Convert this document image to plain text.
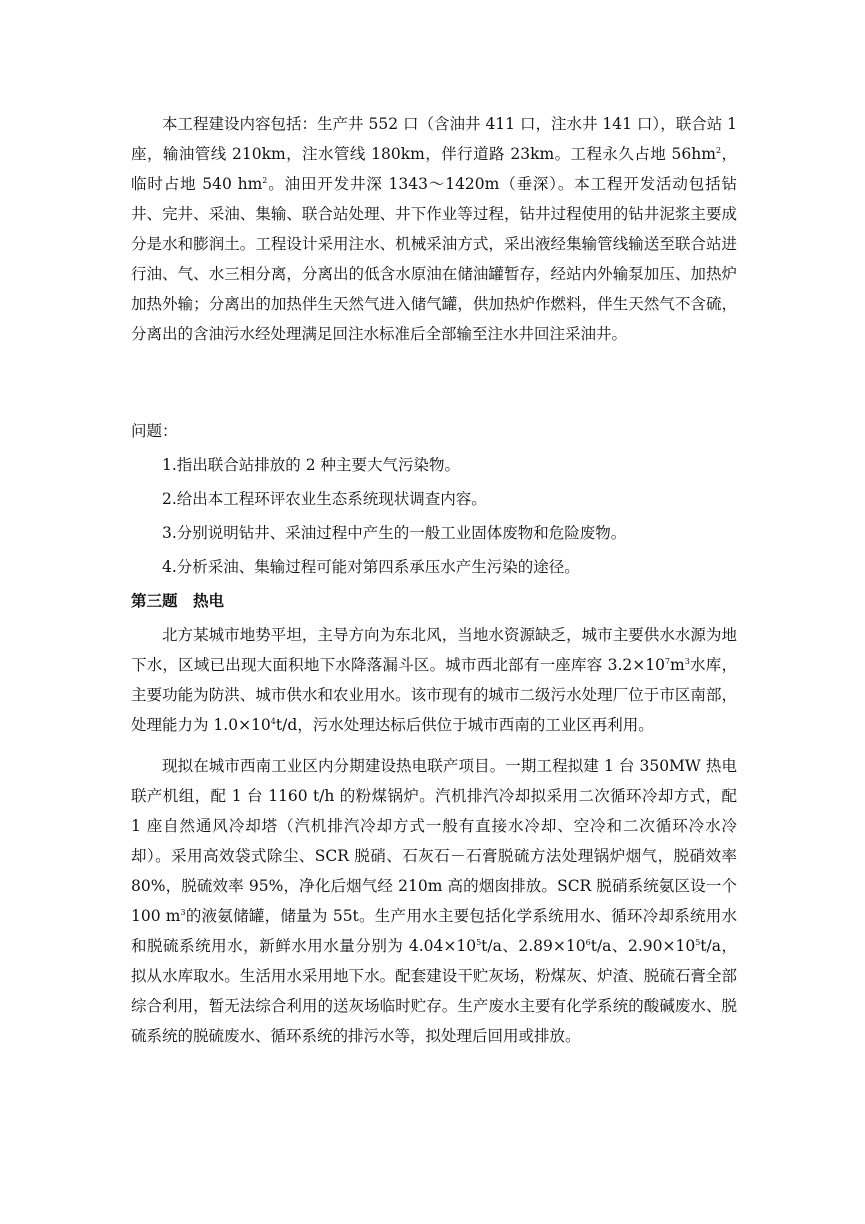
本工程建设内容包括：生产井 552 口（含油井 411 口，注水井 141 口），联合站 1 座，输油管线 210km，注水管线 180km，伴行道路 23km。工程永久占地 $56hm^2$，临时占地 540 $hm^2$。油田开发井深 1343～1420m（垂深）。本工程开发活动包括钻井、完井、采油、集输、联合站处理、井下作业等过程，钻井过程使用的钻井泥浆主要成分是水和膨润土。工程设计采用注水、机械采油方式，采出液经集输管线输送至联合站进行油、气、水三相分离，分离出的低含水原油在储油罐暂存，经站内外输泵加压、加热炉加热外输；分离出的加热伴生天然气进入储气罐，供加热炉作燃料，伴生天然气不含硫，分离出的含油污水经处理满足回注水标准后全部输至注水井回注采油井。

问题：

1.指出联合站排放的 2 种主要大气污染物。

2.给出本工程环评农业生态系统现状调查内容。

3.分别说明钻井、采油过程中产生的一般工业固体废物和危险废物。

4.分析采油、集输过程可能对第四系承压水产生污染的途径。

第三题　热电

北方某城市地势平坦，主导方向为东北风，当地水资源缺乏，城市主要供水水源为地下水，区域已出现大面积地下水降落漏斗区。城市西北部有一座库容 $3.2\times 10^7m^3$水库，主要功能为防洪、城市供水和农业用水。该市现有的城市二级污水处理厂位于市区南部，处理能力为 $1.0\times 10^4t/d$，污水处理达标后供位于城市西南的工业区再利用。

现拟在城市西南工业区内分期建设热电联产项目。一期工程拟建 1 台 350MW 热电联产机组，配 1 台 1160 t/h 的粉煤锅炉。汽机排汽冷却拟采用二次循环冷却方式，配 1 座自然通风冷却塔（汽机排汽冷却方式一般有直接水冷却、空冷和二次循环冷水冷却）。采用高效袋式除尘、SCR 脱硝、石灰石－石膏脱硫方法处理锅炉烟气，脱硝效率 80%，脱硫效率 95%，净化后烟气经 210m 高的烟囱排放。SCR 脱硝系统氨区设一个 100 $m^3$的液氨储罐，储量为 55t。生产用水主要包括化学系统用水、循环冷却系统用水和脱硫系统用水，新鲜水用水量分别为 $4.04\times 10^5t/a$、$2.89\times 10^6t/a$、$2.90\times 10^5t/a$，拟从水库取水。生活用水采用地下水。配套建设干贮灰场，粉煤灰、炉渣、脱硫石膏全部综合利用，暂无法综合利用的送灰场临时贮存。生产废水主要有化学系统的酸碱废水、脱硫系统的脱硫废水、循环系统的排污水等，拟处理后回用或排放。
